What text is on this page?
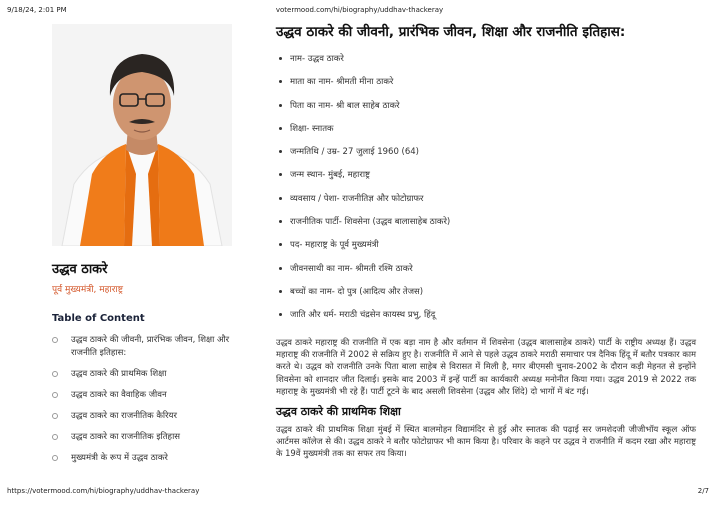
9/18/24, 2:01 PM	votermood.com/hi/biography/uddhav-thackeray
उद्धव ठाकरे
पूर्व मुख्यमंत्री, महाराष्ट्र
Table of Content
उद्धव ठाकरे की जीवनी, प्रारंभिक जीवन, शिक्षा और राजनीति इतिहास:
उद्धव ठाकरे की प्राथमिक शिक्षा
उद्धव ठाकरे का वैवाहिक जीवन
उद्धव ठाकरे का राजनीतिक कैरियर
उद्धव ठाकरे का राजनीतिक इतिहास
मुख्यमंत्री के रूप में उद्धव ठाकरे
उद्धव ठाकरे की जीवनी, प्रारंभिक जीवन, शिक्षा और राजनीति इतिहास:
नाम- उद्धव ठाकरे
माता का नाम- श्रीमती मीना ठाकरे
पिता का नाम- श्री बाल साहेब ठाकरे
शिक्षा- स्नातक
जन्मतिथि / उम्र- 27 जुलाई 1960 (64)
जन्म स्थान- मुंबई, महाराष्ट्र
व्यवसाय / पेशा- राजनीतिज्ञ और फोटोग्राफर
राजनीतिक पार्टी- शिवसेना (उद्धव बालासाहेब ठाकरे)
पद- महाराष्ट्र के पूर्व मुख्यमंत्री
जीवनसाथी का नाम- श्रीमती रश्मि ठाकरे
बच्चों का नाम- दो पुत्र (आदित्य और तेजस)
जाति और धर्म- मराठी चंद्रसेन कायस्थ प्रभु, हिंदू

उद्धव ठाकरे महाराष्ट्र की राजनीति में एक बड़ा नाम है और वर्तमान में शिवसेना (उद्धव बालासाहेब ठाकरे) पार्टी के राष्ट्रीय अध्यक्ष हैं। उद्धव महाराष्ट्र की राजनीति में 2002 से सक्रिय हुए है। राजनीति में आने से पहले उद्धव ठाकरे मराठी समाचार पत्र दैनिक हिंदू में बतौर पत्रकार काम करते थे। उद्धव को राजनीति उनके पिता बाला साहेब से विरासत में मिली है, मगर बीएमसी चुनाव-2002 के दौरान कड़ी मेहनत से इन्होंने शिवसेना को शानदार जीत दिलाई। इसके बाद 2003 में इन्हें पार्टी का कार्यकारी अध्यक्ष मनोनीत किया गया। उद्धव 2019 से 2022 तक महाराष्ट्र के मुख्यमंत्री भी रहे हैं। पार्टी टूटने के बाद असली शिवसेना (उद्धव और शिंदे) दो भागों में बंट गई।

उद्धव ठाकरे की प्राथमिक शिक्षा

उद्धव ठाकरे की प्राथमिक शिक्षा मुंबई में स्थित बालमोहन विद्यामंदिर से हुई और स्नातक की पढ़ाई सर जमशेदजी जीजीभॉय स्कूल ऑफ आर्टमस कॉलेज से की। उद्धव ठाकरे ने बतौर फोटोग्राफर भी काम किया है। परिवार के कहने पर उद्धव ने राजनीति में कदम रखा और महाराष्ट्र के 19वें मुख्यमंत्री तक का सफर तय किया।

https://votermood.com/hi/biography/uddhav-thackeray	2/7
